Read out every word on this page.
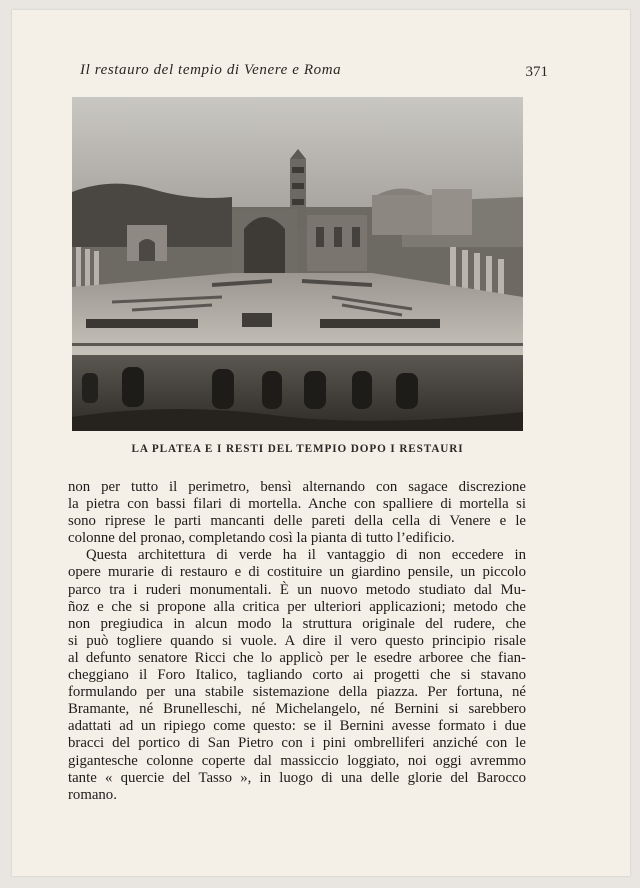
Il restauro del tempio di Venere e Roma	371
LA PLATEA E I RESTI DEL TEMPIO DOPO I RESTAURI
non per tutto il perimetro, bensì alternando con sagace discrezione
la pietra con bassi filari di mortella. Anche con spalliere di mortella si
sono riprese le parti mancanti delle pareti della cella di Venere e le
colonne del pronao, completando così la pianta di tutto l’edificio.
Questa architettura di verde ha il vantaggio di non eccedere in
opere murarie di restauro e di costituire un giardino pensile, un piccolo
parco tra i ruderi monumentali. È un nuovo metodo studiato dal Mu-
ñoz e che si propone alla critica per ulteriori applicazioni; metodo che
non pregiudica in alcun modo la struttura originale del rudere, che
si può togliere quando si vuole. A dire il vero questo principio risale
al defunto senatore Ricci che lo applicò per le esedre arboree che fian-
cheggiano il Foro Italico, tagliando corto ai progetti che si stavano
formulando per una stabile sistemazione della piazza. Per fortuna, né
Bramante, né Brunelleschi, né Michelangelo, né Bernini si sarebbero
adattati ad un ripiego come questo: se il Bernini avesse formato i due
bracci del portico di San Pietro con i pini ombrelliferi anziché con le
gigantesche colonne coperte dal massiccio loggiato, noi oggi avremmo
tante « quercie del Tasso », in luogo di una delle glorie del Barocco
romano.
